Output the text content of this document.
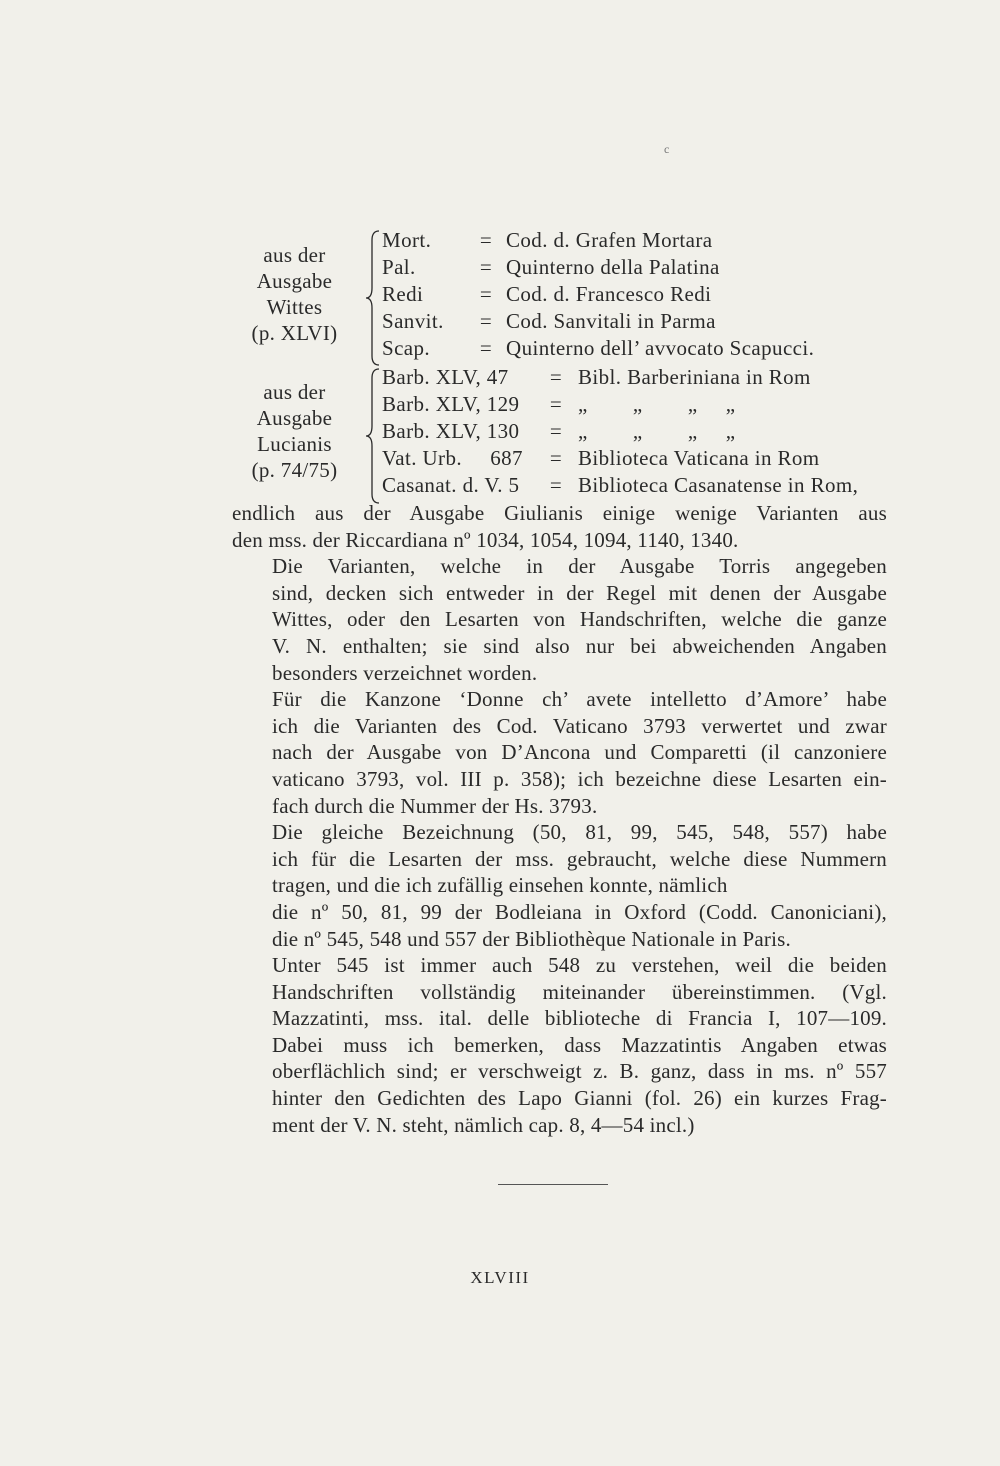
c
aus der
Ausgabe
Wittes
(p. XLVI)
Mort. = Cod. d. Grafen Mortara
Pal.	= Quinterno della Palatina
Redi	= Cod. d. Francesco Redi
Sanvit. = Cod. Sanvitali in Parma
Scap. = Quinterno dell’ avvocato Scapucci.
aus der
Ausgabe
Lucianis
(p. 74/75)
Barb. XLV, 47 = Bibl. Barberiniana in Rom
Barb. XLV, 129 = „        „        „     „
Barb. XLV, 130 = „        „        „     „
Vat. Urb.     687 = Biblioteca Vaticana in Rom
Casanat. d. V. 5 = Biblioteca Casanatense in Rom,

endlich aus der Ausgabe Giulianis einige wenige Varianten aus
den mss. der Riccardiana nº 1034, 1054, 1094, 1140, 1340.

Die Varianten, welche in der Ausgabe Torris angegeben
sind, decken sich entweder in der Regel mit denen der Ausgabe
Wittes, oder den Lesarten von Handschriften, welche die ganze
V. N. enthalten; sie sind also nur bei abweichenden Angaben
besonders verzeichnet worden.

Für die Kanzone ‘Donne ch’ avete intelletto d’Amore’ habe
ich die Varianten des Cod. Vaticano 3793 verwertet und zwar
nach der Ausgabe von D’Ancona und Comparetti (il canzoniere
vaticano 3793, vol. III p. 358); ich bezeichne diese Lesarten ein-
fach durch die Nummer der Hs. 3793.

Die gleiche Bezeichnung (50, 81, 99, 545, 548, 557) habe
ich für die Lesarten der mss. gebraucht, welche diese Nummern
tragen, und die ich zufällig einsehen konnte, nämlich
die nº 50, 81, 99 der Bodleiana in Oxford (Codd. Canoniciani),
die nº 545, 548 und 557 der Bibliothèque Nationale in Paris.

Unter 545 ist immer auch 548 zu verstehen, weil die beiden
Handschriften vollständig miteinander übereinstimmen. (Vgl.
Mazzatinti, mss. ital. delle biblioteche di Francia I, 107—109.
Dabei muss ich bemerken, dass Mazzatintis Angaben etwas
oberflächlich sind; er verschweigt z. B. ganz, dass in ms. nº 557
hinter den Gedichten des Lapo Gianni (fol. 26) ein kurzes Frag-
ment der V. N. steht, nämlich cap. 8, 4—54 incl.)

XLVIII
